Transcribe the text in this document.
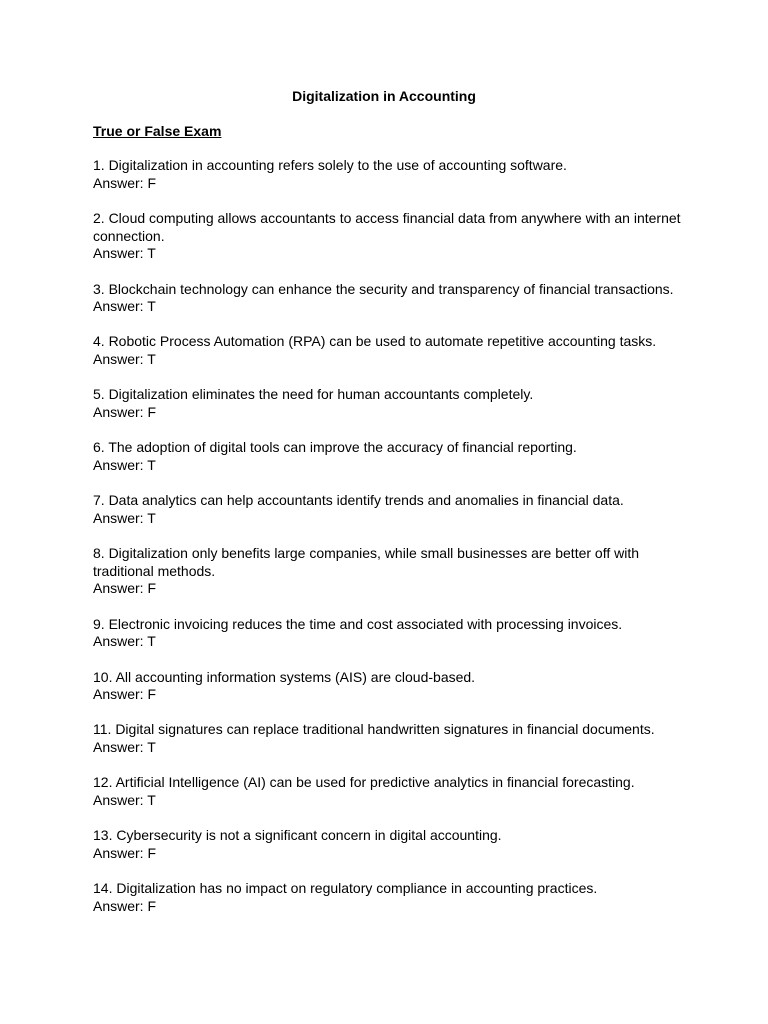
Digitalization in Accounting
True or False Exam
1. Digitalization in accounting refers solely to the use of accounting software.
Answer: F
2. Cloud computing allows accountants to access financial data from anywhere with an internet connection.
Answer: T
3. Blockchain technology can enhance the security and transparency of financial transactions.
Answer: T
4. Robotic Process Automation (RPA) can be used to automate repetitive accounting tasks.
Answer: T
5. Digitalization eliminates the need for human accountants completely.
Answer: F
6. The adoption of digital tools can improve the accuracy of financial reporting.
Answer: T
7. Data analytics can help accountants identify trends and anomalies in financial data.
Answer: T
8. Digitalization only benefits large companies, while small businesses are better off with traditional methods.
Answer: F
9. Electronic invoicing reduces the time and cost associated with processing invoices.
Answer: T
10. All accounting information systems (AIS) are cloud-based.
Answer: F
11. Digital signatures can replace traditional handwritten signatures in financial documents.
Answer: T
12. Artificial Intelligence (AI) can be used for predictive analytics in financial forecasting.
Answer: T
13. Cybersecurity is not a significant concern in digital accounting.
Answer: F
14. Digitalization has no impact on regulatory compliance in accounting practices.
Answer: F
